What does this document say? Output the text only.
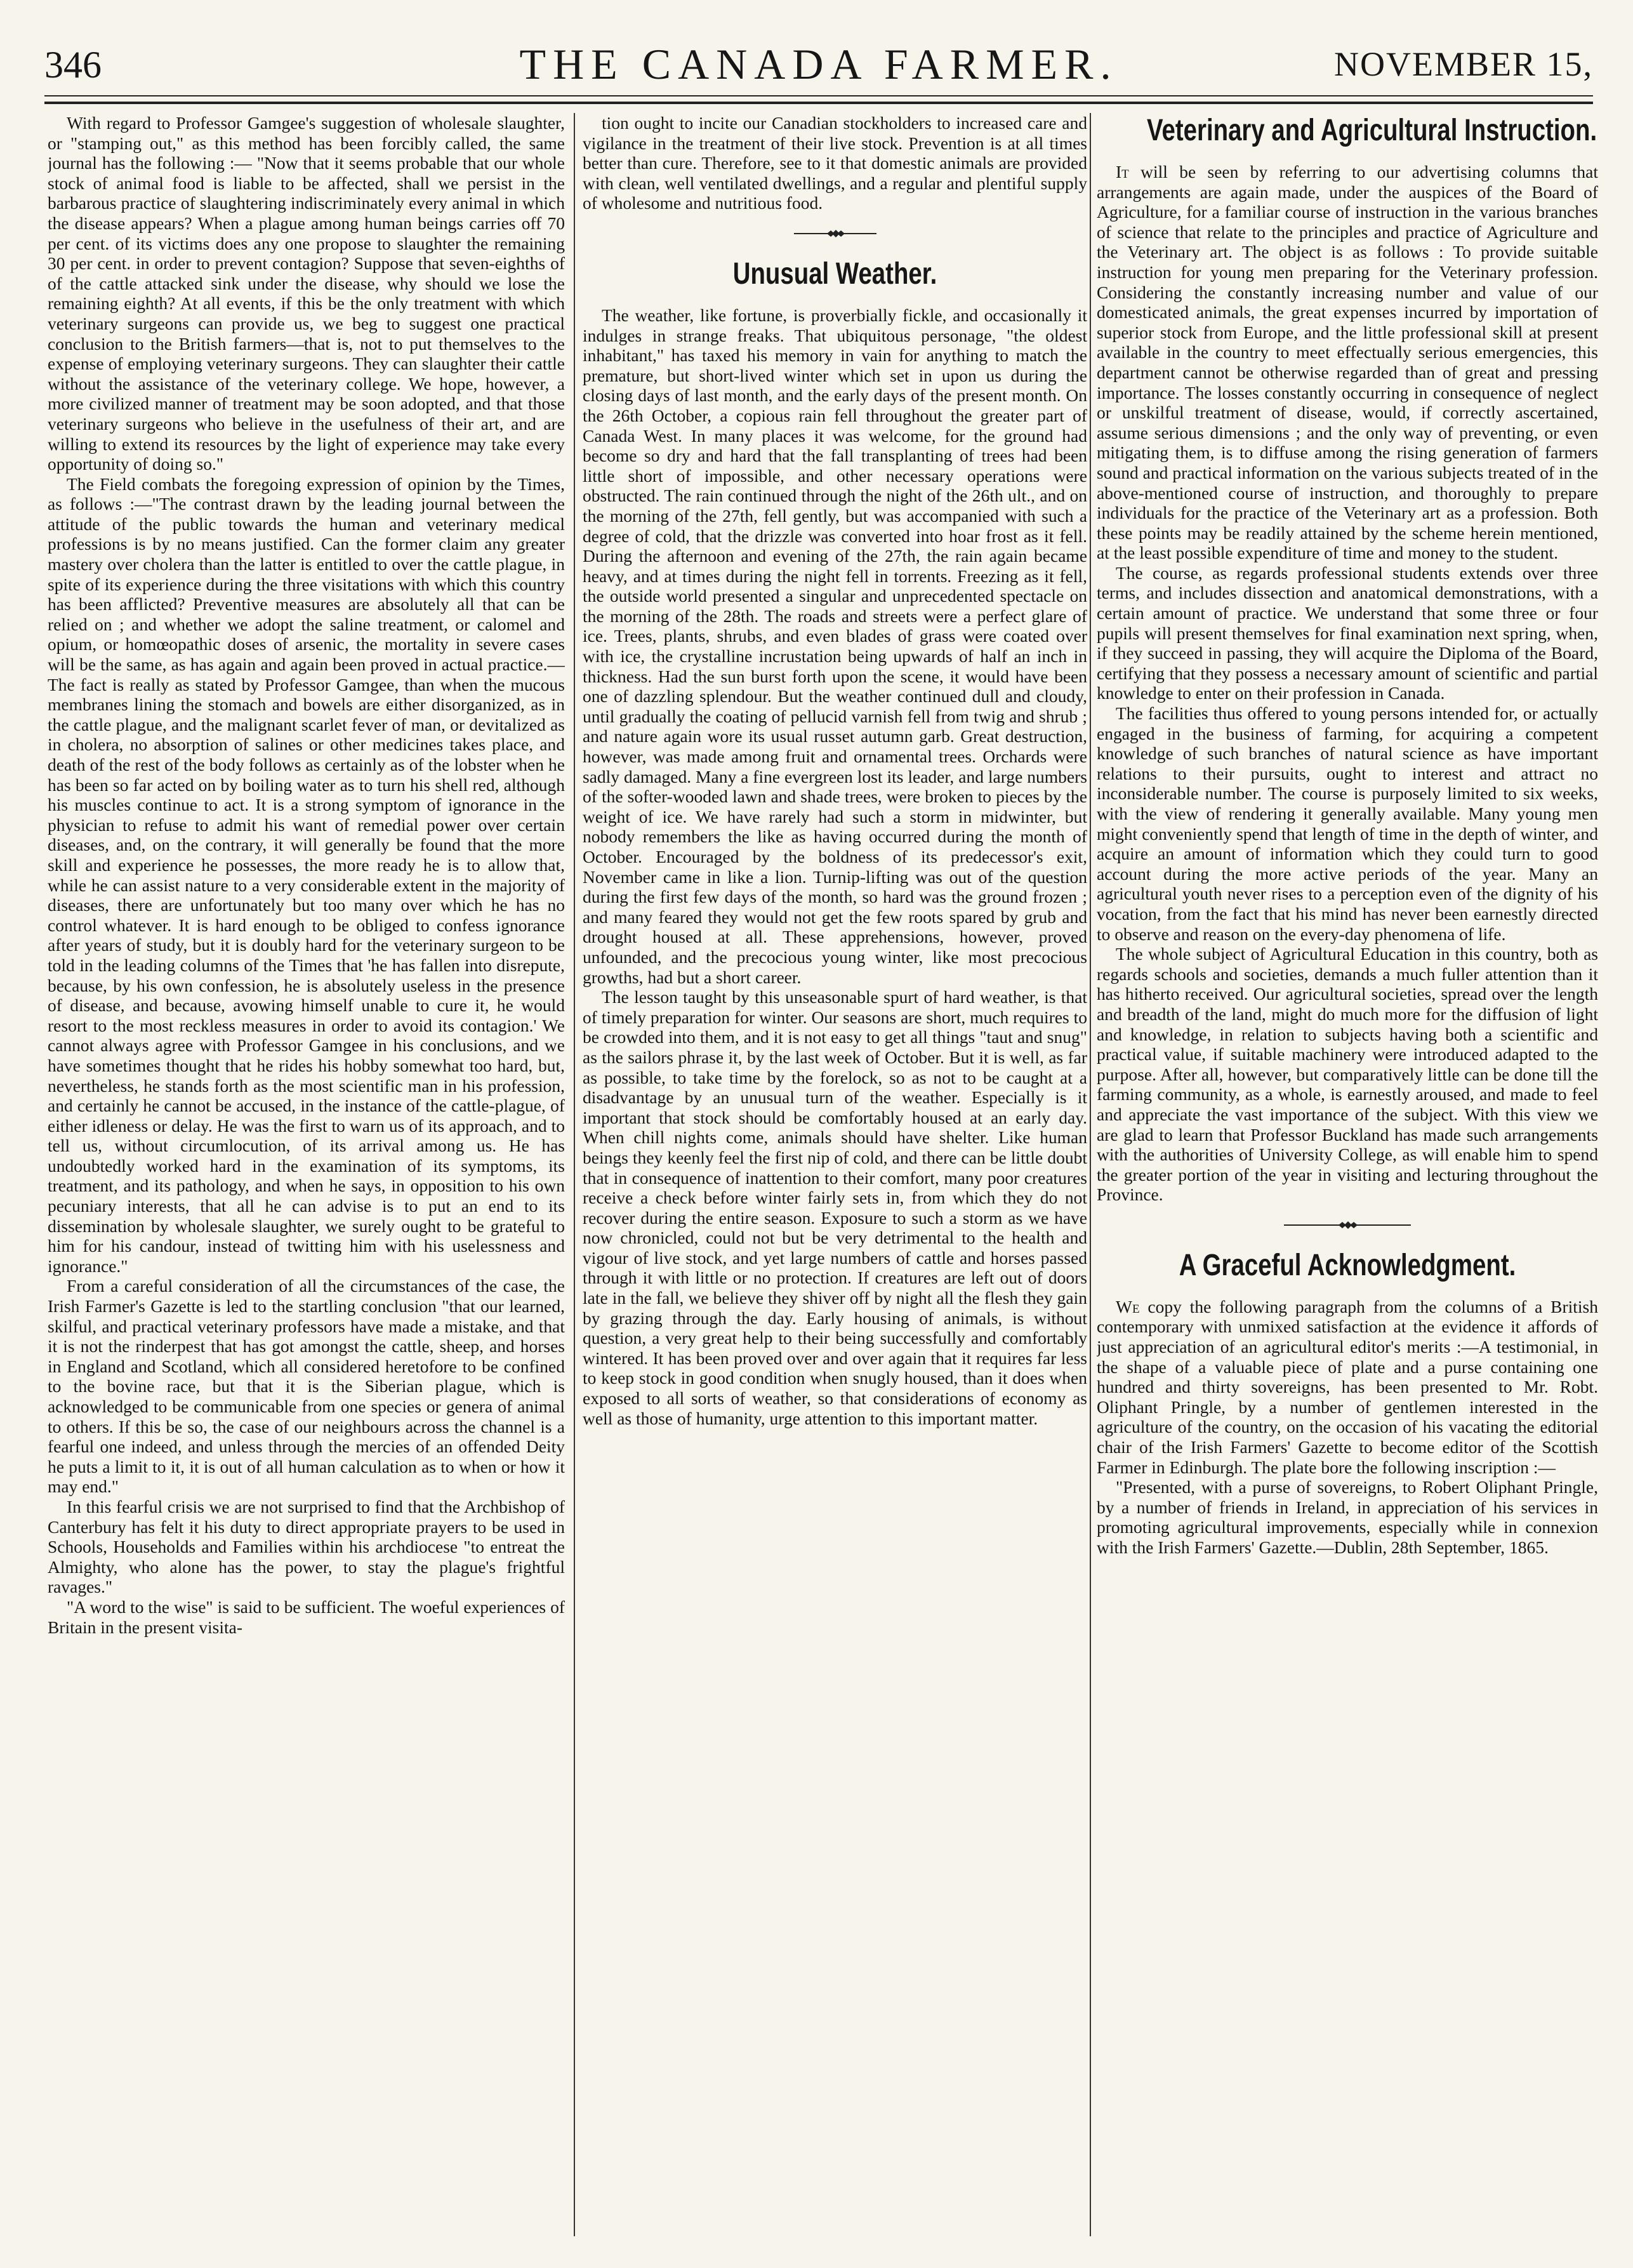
346	THE CANADA FARMER.	NOVEMBER 15,

With regard to Professor Gamgee's suggestion of wholesale slaughter, or "stamping out," as this method has been forcibly called, the same journal has the following :— "Now that it seems probable that our whole stock of animal food is liable to be affected, shall we persist in the barbarous practice of slaughtering indiscriminately every animal in which the disease appears? When a plague among human beings carries off 70 per cent. of its victims does any one propose to slaughter the remaining 30 per cent. in order to prevent contagion? Suppose that seven-eighths of of the cattle attacked sink under the disease, why should we lose the remaining eighth? At all events, if this be the only treatment with which veterinary surgeons can provide us, we beg to suggest one practical conclusion to the British farmers—that is, not to put themselves to the expense of employing veterinary surgeons. They can slaughter their cattle without the assistance of the veterinary college. We hope, however, a more civilized manner of treatment may be soon adopted, and that those veterinary surgeons who believe in the usefulness of their art, and are willing to extend its resources by the light of experience may take every opportunity of doing so."

The Field combats the foregoing expression of opinion by the Times, as follows :—"The contrast drawn by the leading journal between the attitude of the public towards the human and veterinary medical professions is by no means justified. Can the former claim any greater mastery over cholera than the latter is entitled to over the cattle plague, in spite of its experience during the three visitations with which this country has been afflicted? Preventive measures are absolutely all that can be relied on ; and whether we adopt the saline treatment, or calomel and opium, or homœopathic doses of arsenic, the mortality in severe cases will be the same, as has again and again been proved in actual practice.—The fact is really as stated by Professor Gamgee, than when the mucous membranes lining the stomach and bowels are either disorganized, as in the cattle plague, and the malignant scarlet fever of man, or devitalized as in cholera, no absorption of salines or other medicines takes place, and death of the rest of the body follows as certainly as of the lobster when he has been so far acted on by boiling water as to turn his shell red, although his muscles continue to act. It is a strong symptom of ignorance in the physician to refuse to admit his want of remedial power over certain diseases, and, on the contrary, it will generally be found that the more skill and experience he possesses, the more ready he is to allow that, while he can assist nature to a very considerable extent in the majority of diseases, there are unfortunately but too many over which he has no control whatever. It is hard enough to be obliged to confess ignorance after years of study, but it is doubly hard for the veterinary surgeon to be told in the leading columns of the Times that 'he has fallen into disrepute, because, by his own confession, he is absolutely useless in the presence of disease, and because, avowing himself unable to cure it, he would resort to the most reckless measures in order to avoid its contagion.' We cannot always agree with Professor Gamgee in his conclusions, and we have sometimes thought that he rides his hobby somewhat too hard, but, nevertheless, he stands forth as the most scientific man in his profession, and certainly he cannot be accused, in the instance of the cattle-plague, of either idleness or delay. He was the first to warn us of its approach, and to tell us, without circumlocution, of its arrival among us. He has undoubtedly worked hard in the examination of its symptoms, its treatment, and its pathology, and when he says, in opposition to his own pecuniary interests, that all he can advise is to put an end to its dissemination by wholesale slaughter, we surely ought to be grateful to him for his candour, instead of twitting him with his uselessness and ignorance."

From a careful consideration of all the circumstances of the case, the Irish Farmer's Gazette is led to the startling conclusion "that our learned, skilful, and practical veterinary professors have made a mistake, and that it is not the rinderpest that has got amongst the cattle, sheep, and horses in England and Scotland, which all considered heretofore to be confined to the bovine race, but that it is the Siberian plague, which is acknowledged to be communicable from one species or genera of animal to others. If this be so, the case of our neighbours across the channel is a fearful one indeed, and unless through the mercies of an offended Deity he puts a limit to it, it is out of all human calculation as to when or how it may end."

In this fearful crisis we are not surprised to find that the Archbishop of Canterbury has felt it his duty to direct appropriate prayers to be used in Schools, Households and Families within his archdiocese "to entreat the Almighty, who alone has the power, to stay the plague's frightful ravages."

"A word to the wise" is said to be sufficient. The woeful experiences of Britain in the present visita-

tion ought to incite our Canadian stockholders to increased care and vigilance in the treatment of their live stock. Prevention is at all times better than cure. Therefore, see to it that domestic animals are provided with clean, well ventilated dwellings, and a regular and plentiful supply of wholesome and nutritious food.

Unusual Weather.

The weather, like fortune, is proverbially fickle, and occasionally it indulges in strange freaks. That ubiquitous personage, "the oldest inhabitant," has taxed his memory in vain for anything to match the premature, but short-lived winter which set in upon us during the closing days of last month, and the early days of the present month. On the 26th October, a copious rain fell throughout the greater part of Canada West. In many places it was welcome, for the ground had become so dry and hard that the fall transplanting of trees had been little short of impossible, and other necessary operations were obstructed. The rain continued through the night of the 26th ult., and on the morning of the 27th, fell gently, but was accompanied with such a degree of cold, that the drizzle was converted into hoar frost as it fell. During the afternoon and evening of the 27th, the rain again became heavy, and at times during the night fell in torrents. Freezing as it fell, the outside world presented a singular and unprecedented spectacle on the morning of the 28th. The roads and streets were a perfect glare of ice. Trees, plants, shrubs, and even blades of grass were coated over with ice, the crystalline incrustation being upwards of half an inch in thickness. Had the sun burst forth upon the scene, it would have been one of dazzling splendour. But the weather continued dull and cloudy, until gradually the coating of pellucid varnish fell from twig and shrub ; and nature again wore its usual russet autumn garb. Great destruction, however, was made among fruit and ornamental trees. Orchards were sadly damaged. Many a fine evergreen lost its leader, and large numbers of the softer-wooded lawn and shade trees, were broken to pieces by the weight of ice. We have rarely had such a storm in midwinter, but nobody remembers the like as having occurred during the month of October. Encouraged by the boldness of its predecessor's exit, November came in like a lion. Turnip-lifting was out of the question during the first few days of the month, so hard was the ground frozen ; and many feared they would not get the few roots spared by grub and drought housed at all. These apprehensions, however, proved unfounded, and the precocious young winter, like most precocious growths, had but a short career.

The lesson taught by this unseasonable spurt of hard weather, is that of timely preparation for winter. Our seasons are short, much requires to be crowded into them, and it is not easy to get all things "taut and snug" as the sailors phrase it, by the last week of October. But it is well, as far as possible, to take time by the forelock, so as not to be caught at a disadvantage by an unusual turn of the weather. Especially is it important that stock should be comfortably housed at an early day. When chill nights come, animals should have shelter. Like human beings they keenly feel the first nip of cold, and there can be little doubt that in consequence of inattention to their comfort, many poor creatures receive a check before winter fairly sets in, from which they do not recover during the entire season. Exposure to such a storm as we have now chronicled, could not but be very detrimental to the health and vigour of live stock, and yet large numbers of cattle and horses passed through it with little or no protection. If creatures are left out of doors late in the fall, we believe they shiver off by night all the flesh they gain by grazing through the day. Early housing of animals, is without question, a very great help to their being successfully and comfortably wintered. It has been proved over and over again that it requires far less to keep stock in good condition when snugly housed, than it does when exposed to all sorts of weather, so that considerations of economy as well as those of humanity, urge attention to this important matter.

Veterinary and Agricultural Instruction.

It will be seen by referring to our advertising columns that arrangements are again made, under the auspices of the Board of Agriculture, for a familiar course of instruction in the various branches of science that relate to the principles and practice of Agriculture and the Veterinary art. The object is as follows : To provide suitable instruction for young men preparing for the Veterinary profession. Considering the constantly increasing number and value of our domesticated animals, the great expenses incurred by importation of superior stock from Europe, and the little professional skill at present available in the country to meet effectually serious emergencies, this department cannot be otherwise regarded than of great and pressing importance. The losses constantly occurring in consequence of neglect or unskilful treatment of disease, would, if correctly ascertained, assume serious dimensions ; and the only way of preventing, or even mitigating them, is to diffuse among the rising generation of farmers sound and practical information on the various subjects treated of in the above-mentioned course of instruction, and thoroughly to prepare individuals for the practice of the Veterinary art as a profession. Both these points may be readily attained by the scheme herein mentioned, at the least possible expenditure of time and money to the student.

The course, as regards professional students extends over three terms, and includes dissection and anatomical demonstrations, with a certain amount of practice. We understand that some three or four pupils will present themselves for final examination next spring, when, if they succeed in passing, they will acquire the Diploma of the Board, certifying that they possess a necessary amount of scientific and partial knowledge to enter on their profession in Canada.

The facilities thus offered to young persons intended for, or actually engaged in the business of farming, for acquiring a competent knowledge of such branches of natural science as have important relations to their pursuits, ought to interest and attract no inconsiderable number. The course is purposely limited to six weeks, with the view of rendering it generally available. Many young men might conveniently spend that length of time in the depth of winter, and acquire an amount of information which they could turn to good account during the more active periods of the year. Many an agricultural youth never rises to a perception even of the dignity of his vocation, from the fact that his mind has never been earnestly directed to observe and reason on the every-day phenomena of life.

The whole subject of Agricultural Education in this country, both as regards schools and societies, demands a much fuller attention than it has hitherto received. Our agricultural societies, spread over the length and breadth of the land, might do much more for the diffusion of light and knowledge, in relation to subjects having both a scientific and practical value, if suitable machinery were introduced adapted to the purpose. After all, however, but comparatively little can be done till the farming community, as a whole, is earnestly aroused, and made to feel and appreciate the vast importance of the subject. With this view we are glad to learn that Professor Buckland has made such arrangements with the authorities of University College, as will enable him to spend the greater portion of the year in visiting and lecturing throughout the Province.

A Graceful Acknowledgment.

We copy the following paragraph from the columns of a British contemporary with unmixed satisfaction at the evidence it affords of just appreciation of an agricultural editor's merits :—A testimonial, in the shape of a valuable piece of plate and a purse containing one hundred and thirty sovereigns, has been presented to Mr. Robt. Oliphant Pringle, by a number of gentlemen interested in the agriculture of the country, on the occasion of his vacating the editorial chair of the Irish Farmers' Gazette to become editor of the Scottish Farmer in Edinburgh. The plate bore the following inscription :—

"Presented, with a purse of sovereigns, to Robert Oliphant Pringle, by a number of friends in Ireland, in appreciation of his services in promoting agricultural improvements, especially while in connexion with the Irish Farmers' Gazette.—Dublin, 28th September, 1865.
